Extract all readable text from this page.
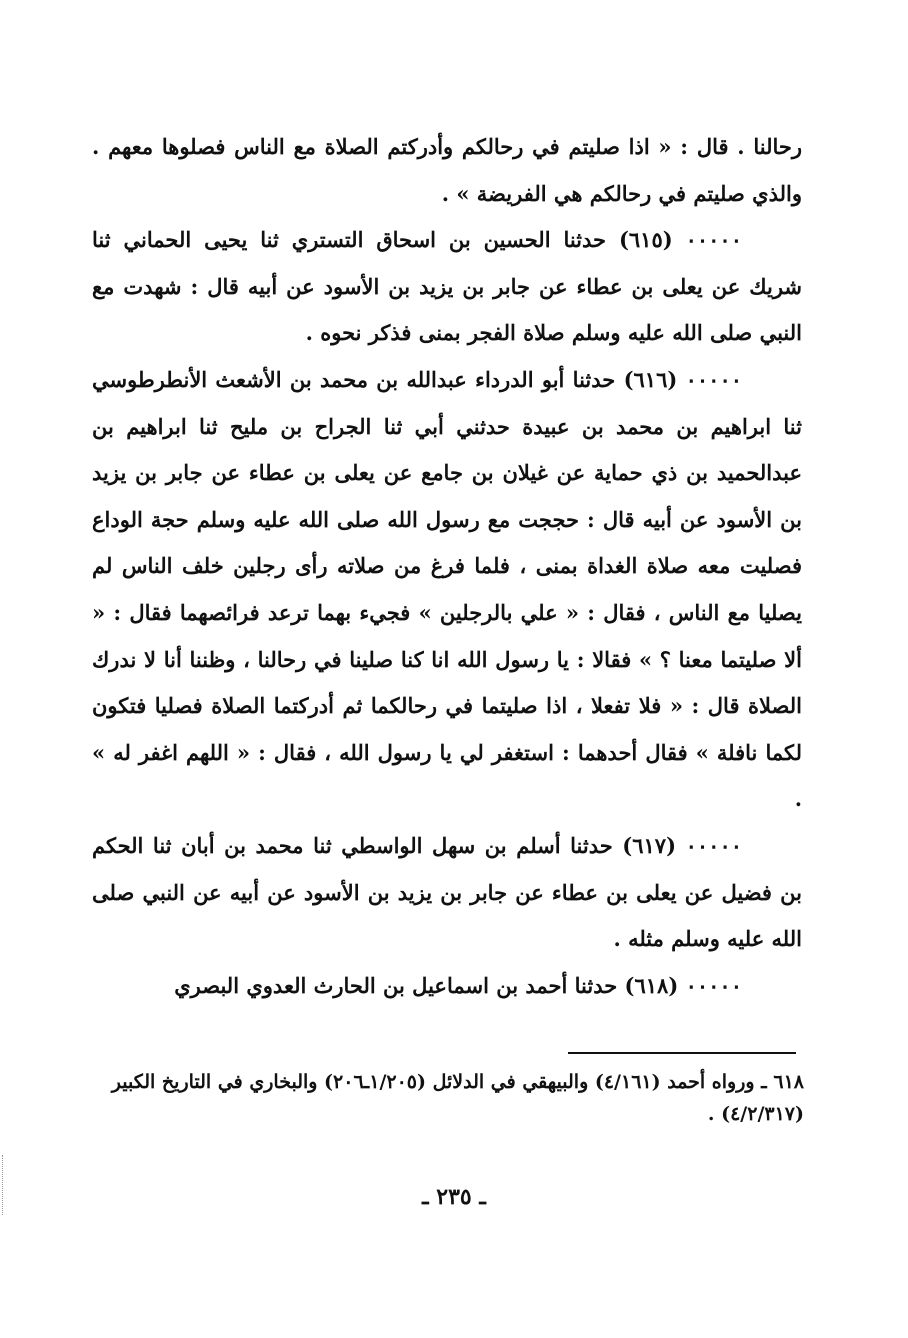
رحالنا . قال : « اذا صليتم في رحالكم وأدركتم الصلاة مع الناس فصلوها معهم . والذي صليتم في رحالكم هي الفريضة » .

٠٠٠٠٠ (٦١٥) حدثنا الحسين بن اسحاق التستري ثنا يحيى الحماني ثنا شريك عن يعلى بن عطاء عن جابر بن يزيد بن الأسود عن أبيه قال : شهدت مع النبي صلى الله عليه وسلم صلاة الفجر بمنى فذكر نحوه .

٠٠٠٠٠ (٦١٦) حدثنا أبو الدرداء عبدالله بن محمد بن الأشعث الأنطرطوسي ثنا ابراهيم بن محمد بن عبيدة حدثني أبي ثنا الجراح بن مليح ثنا ابراهيم بن عبدالحميد بن ذي حماية عن غيلان بن جامع عن يعلى بن عطاء عن جابر بن يزيد بن الأسود عن أبيه قال : حججت مع رسول الله صلى الله عليه وسلم حجة الوداع فصليت معه صلاة الغداة بمنى ، فلما فرغ من صلاته رأى رجلين خلف الناس لم يصليا مع الناس ، فقال : « علي بالرجلين » فجيء بهما ترعد فرائصهما فقال : « ألا صليتما معنا ؟ » فقالا : يا رسول الله انا كنا صلينا في رحالنا ، وظننا أنا لا ندرك الصلاة قال : « فلا تفعلا ، اذا صليتما في رحالكما ثم أدركتما الصلاة فصليا فتكون لكما نافلة » فقال أحدهما : استغفر لي يا رسول الله ، فقال : « اللهم اغفر له » .

٠٠٠٠٠ (٦١٧) حدثنا أسلم بن سهل الواسطي ثنا محمد بن أبان ثنا الحكم بن فضيل عن يعلى بن عطاء عن جابر بن يزيد بن الأسود عن أبيه عن النبي صلى الله عليه وسلم مثله .

٠٠٠٠٠ (٦١٨) حدثنا أحمد بن اسماعيل بن الحارث العدوي البصري

٦١٨ ـ ورواه أحمد (٤/١٦١) والبيهقي في الدلائل (١/٢٠٥ـ٢٠٦) والبخاري في التاريخ الكبير (٤/٢/٣١٧) .
ـ ٢٣٥ ـ
